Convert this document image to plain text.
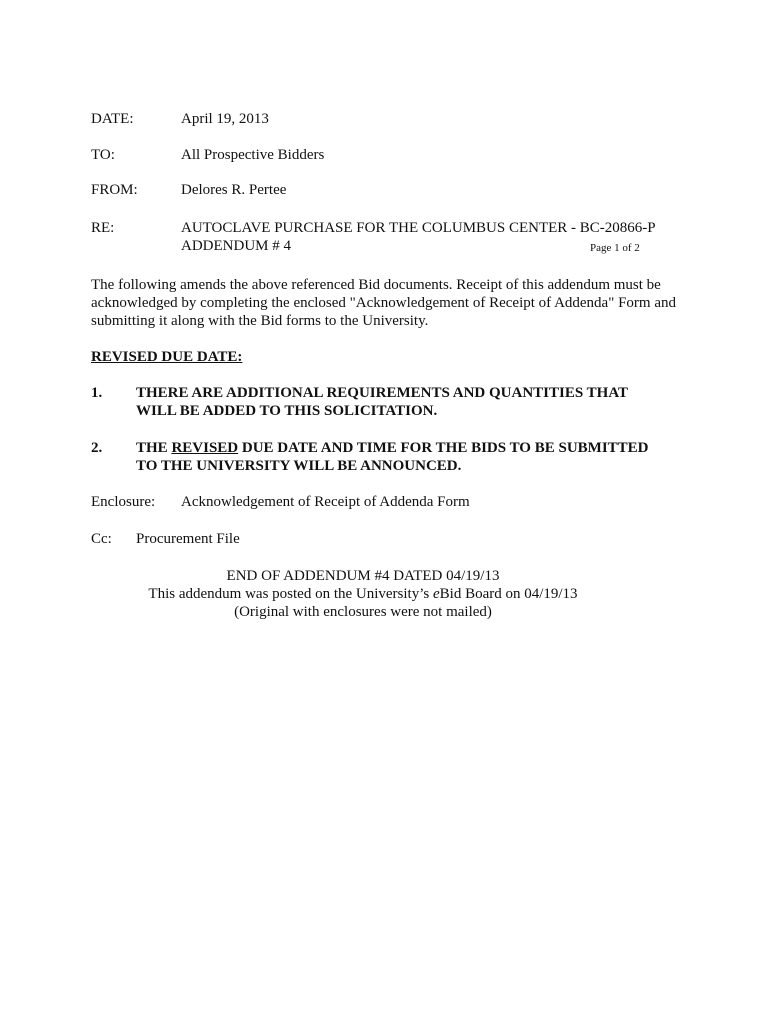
DATE:	April 19, 2013
TO:	All Prospective Bidders
FROM:	Delores R. Pertee
RE:	AUTOCLAVE PURCHASE FOR THE COLUMBUS CENTER - BC-20866-P
ADDENDUM # 4	Page 1 of 2
The following amends the above referenced Bid documents. Receipt of this addendum must be
acknowledged by completing the enclosed "Acknowledgement of Receipt of Addenda" Form and
submitting it along with the Bid forms to the University.
REVISED DUE DATE:
1. THERE ARE ADDITIONAL REQUIREMENTS AND QUANTITIES THAT
WILL BE ADDED TO THIS SOLICITATION.
2. THE REVISED DUE DATE AND TIME FOR THE BIDS TO BE SUBMITTED
TO THE UNIVERSITY WILL BE ANNOUNCED.
Enclosure: Acknowledgement of Receipt of Addenda Form
Cc: Procurement File
END OF ADDENDUM #4 DATED 04/19/13
This addendum was posted on the University’s eBid Board on 04/19/13
(Original with enclosures were not mailed)
